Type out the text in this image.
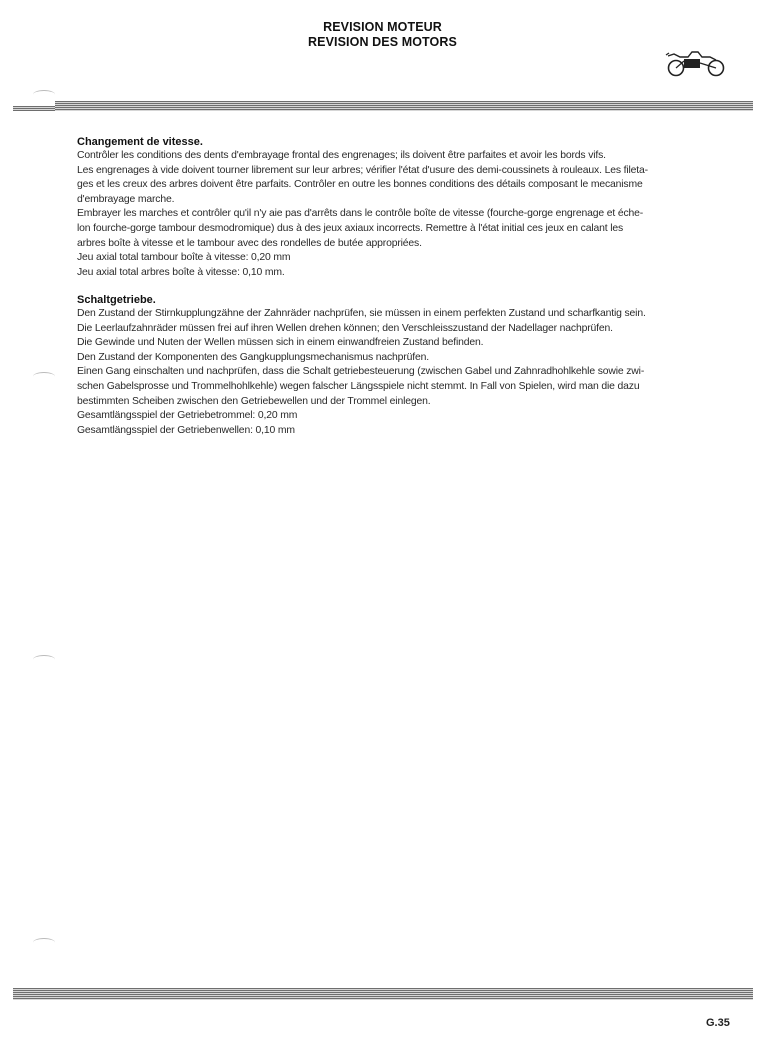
REVISION MOTEUR
REVISION DES MOTORS
Changement de vitesse.

Contrôler les conditions des dents d'embrayage frontal des engrenages; ils doivent être parfaites et avoir les bords vifs.

Les engrenages à vide doivent tourner librement sur leur arbres; vérifier l'état d'usure des demi-coussinets à rouleaux. Les fileta-

ges et les creux des arbres doivent être parfaits. Contrôler en outre les bonnes conditions des détails composant le mecanisme

d'embrayage marche.

Embrayer les marches et contrôler qu'il n'y aie pas d'arrêts dans le contrôle boîte de vitesse (fourche-gorge engrenage et éche-

lon fourche-gorge tambour desmodromique) dus à des jeux axiaux incorrects. Remettre à l'état initial ces jeux en calant les

arbres boîte à vitesse et le tambour avec des rondelles de butée appropriées.

Jeu axial total tambour boîte à vitesse: 0,20 mm

Jeu axial total arbres boîte à vitesse: 0,10 mm.

Schaltgetriebe.

Den Zustand der Stirnkupplungzähne der Zahnräder nachprüfen, sie müssen in einem perfekten Zustand und scharfkantig sein.

Die Leerlaufzahnräder müssen frei auf ihren Wellen drehen können; den Verschleisszustand der Nadellager nachprüfen.

Die Gewinde und Nuten der Wellen müssen sich in einem einwandfreien Zustand befinden.

Den Zustand der Komponenten des Gangkupplungsmechanismus nachprüfen.

Einen Gang einschalten und nachprüfen, dass die Schalt getriebesteuerung (zwischen Gabel und Zahnradhohlkehle sowie zwi-

schen Gabelsprosse und Trommelhohlkehle) wegen falscher Längsspiele nicht stemmt. In Fall von Spielen, wird man die dazu

bestimmten Scheiben zwischen den Getriebewellen und der Trommel einlegen.

Gesamtlängsspiel der Getriebetrommel: 0,20 mm

Gesamtlängsspiel der Getriebenwellen: 0,10 mm

G.35
